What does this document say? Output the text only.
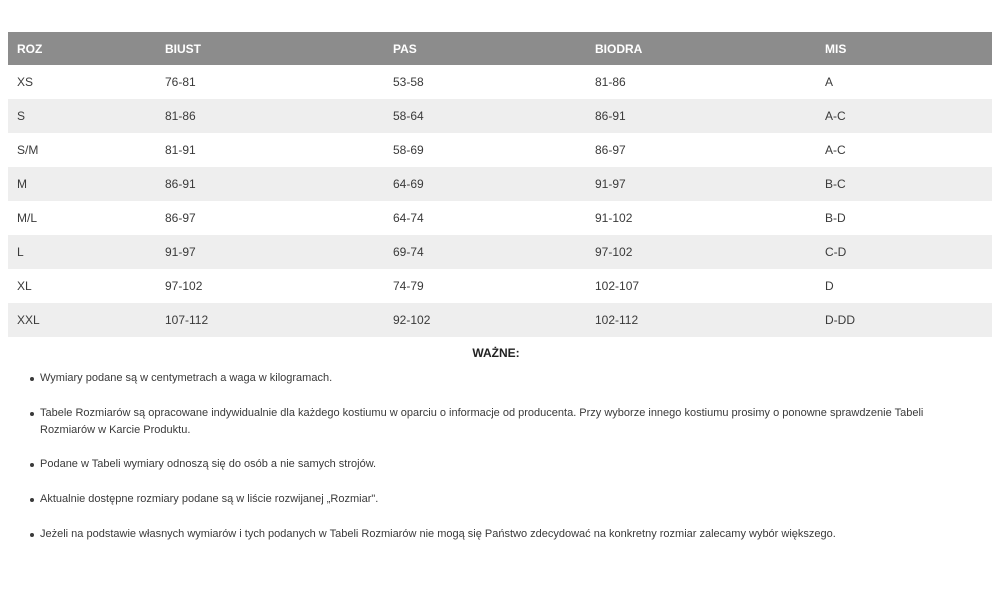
ROZ	BIUST	PAS	BIODRA	MIS
XS	76-81	53-58	81-86	A
S	81-86	58-64	86-91	A-C
S/M	81-91	58-69	86-97	A-C
M	86-91	64-69	91-97	B-C
M/L	86-97	64-74	91-102	B-D
L	91-97	69-74	97-102	C-D
XL	97-102	74-79	102-107	D
XXL	107-112	92-102	102-112	D-DD
WAŻNE:
Wymiary podane są w centymetrach a waga w kilogramach.
Tabele Rozmiarów są opracowane indywidualnie dla każdego kostiumu w oparciu o informacje od producenta. Przy wyborze innego kostiumu prosimy o ponowne sprawdzenie Tabeli Rozmiarów w Karcie Produktu.
Podane w Tabeli wymiary odnoszą się do osób a nie samych strojów.
Aktualnie dostępne rozmiary podane są w liście rozwijanej „Rozmiar".
Jeżeli na podstawie własnych wymiarów i tych podanych w Tabeli Rozmiarów nie mogą się Państwo zdecydować na konkretny rozmiar zalecamy wybór większego.
